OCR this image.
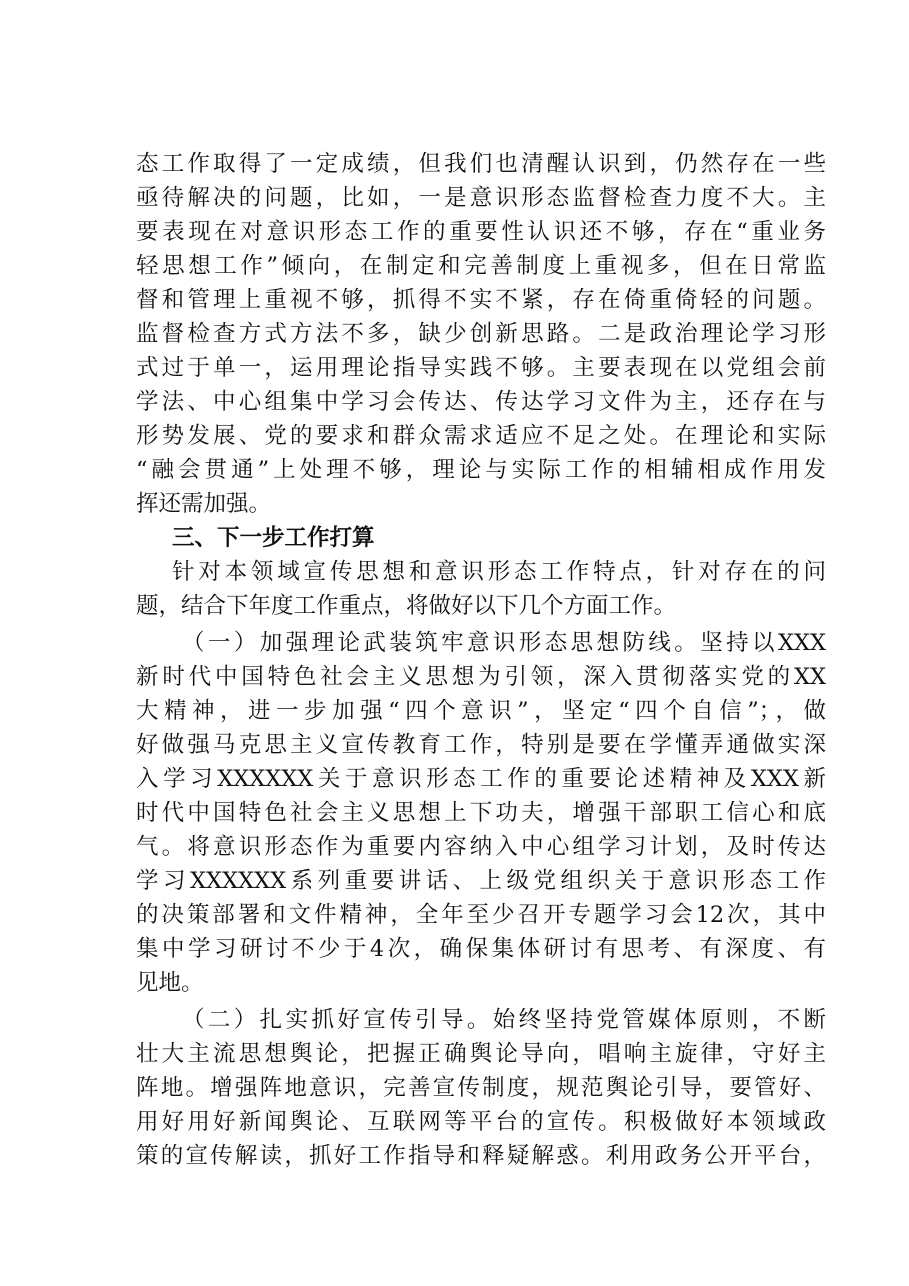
态工作取得了一定成绩，但我们也清醒认识到，仍然存在一些
亟待解决的问题，比如，一是意识形态监督检查力度不大。主
要表现在对意识形态工作的重要性认识还不够，存在“重业务
轻思想工作”倾向，在制定和完善制度上重视多，但在日常监
督和管理上重视不够，抓得不实不紧，存在倚重倚轻的问题。
监督检查方式方法不多，缺少创新思路。二是政治理论学习形
式过于单一，运用理论指导实践不够。主要表现在以党组会前
学法、中心组集中学习会传达、传达学习文件为主，还存在与
形势发展、党的要求和群众需求适应不足之处。在理论和实际
“融会贯通”上处理不够，理论与实际工作的相辅相成作用发
挥还需加强。
三、下一步工作打算
针对本领域宣传思想和意识形态工作特点，针对存在的问
题，结合下年度工作重点，将做好以下几个方面工作。
（一）加强理论武装筑牢意识形态思想防线。坚持以XXX
新时代中国特色社会主义思想为引领，深入贯彻落实党的XX
大精神，进一步加强“四个意识”，坚定“四个自信”；，做
好做强马克思主义宣传教育工作，特别是要在学懂弄通做实深
入学习XXXXXX关于意识形态工作的重要论述精神及XXX新
时代中国特色社会主义思想上下功夫，增强干部职工信心和底
气。将意识形态作为重要内容纳入中心组学习计划，及时传达
学习XXXXXX系列重要讲话、上级党组织关于意识形态工作
的决策部署和文件精神，全年至少召开专题学习会12次，其中
集中学习研讨不少于4次，确保集体研讨有思考、有深度、有
见地。
（二）扎实抓好宣传引导。始终坚持党管媒体原则，不断
壮大主流思想舆论，把握正确舆论导向，唱响主旋律，守好主
阵地。增强阵地意识，完善宣传制度，规范舆论引导，要管好、
用好用好新闻舆论、互联网等平台的宣传。积极做好本领域政
策的宣传解读，抓好工作指导和释疑解惑。利用政务公开平台，
